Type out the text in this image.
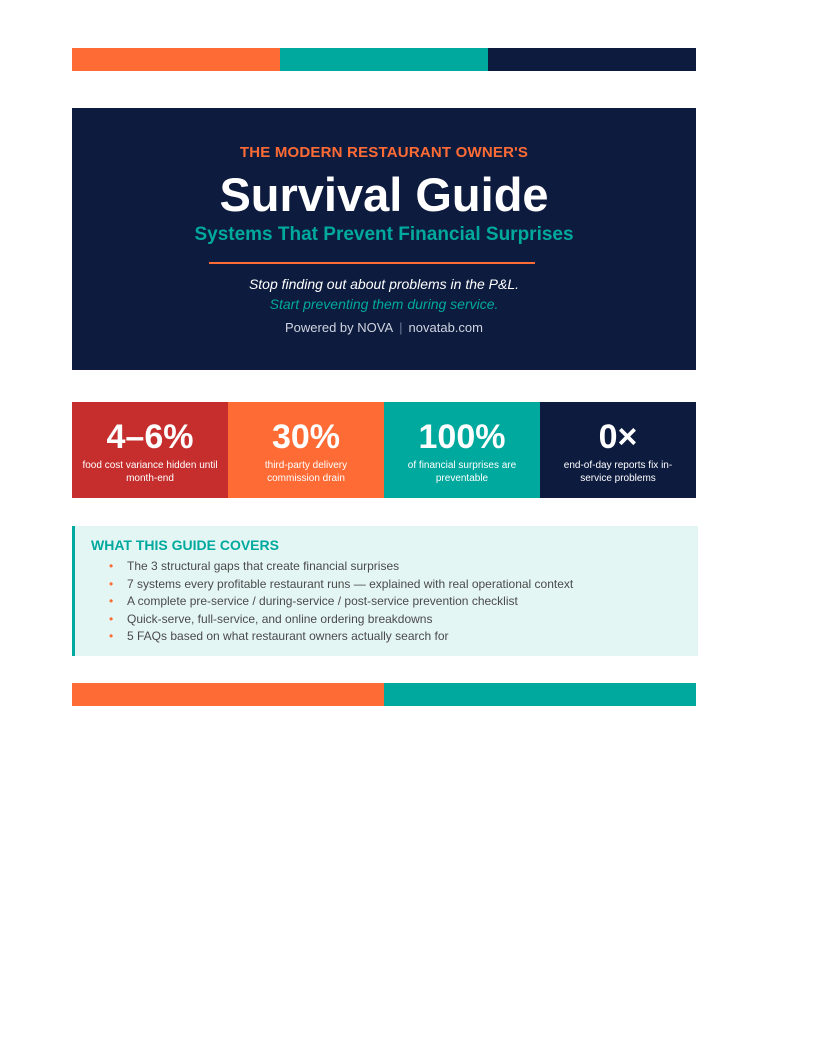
THE MODERN RESTAURANT OWNER'S
Survival Guide
Systems That Prevent Financial Surprises
Stop finding out about problems in the P&L.
Start preventing them during service.
Powered by NOVA | novatab.com
4–6%
food cost variance hidden until month-end
30%
third-party delivery commission drain
100%
of financial surprises are preventable
0×
end-of-day reports fix in-service problems
WHAT THIS GUIDE COVERS
• The 3 structural gaps that create financial surprises
• 7 systems every profitable restaurant runs — explained with real operational context
• A complete pre-service / during-service / post-service prevention checklist
• Quick-serve, full-service, and online ordering breakdowns
• 5 FAQs based on what restaurant owners actually search for
